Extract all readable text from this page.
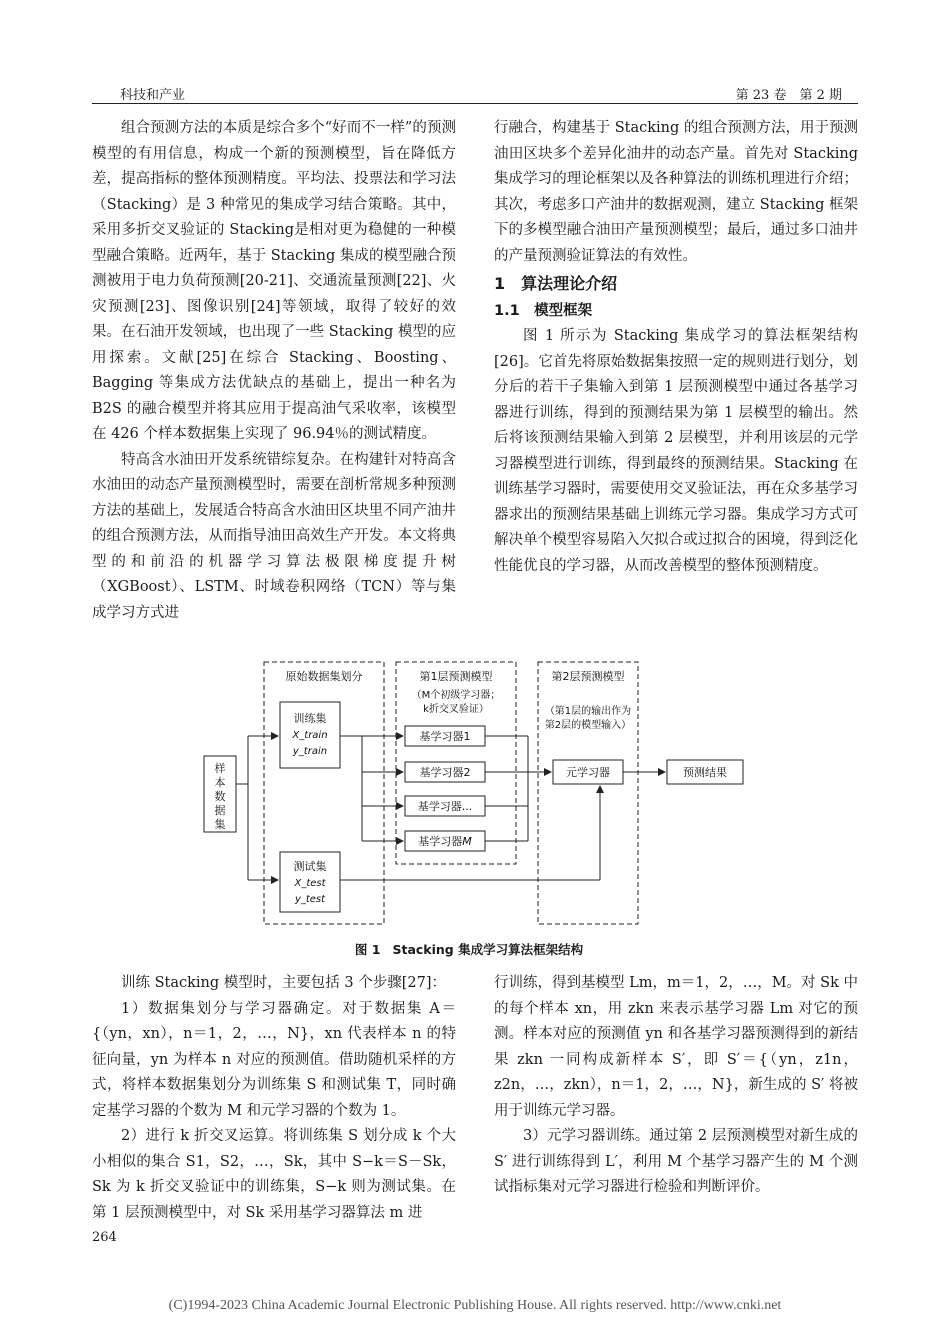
科技和产业	第 23 卷　第 2 期

组合预测方法的本质是综合多个“好而不一样”的预测模型的有用信息，构成一个新的预测模型，旨在降低方差，提高指标的整体预测精度。平均法、投票法和学习法（Stacking）是 3 种常见的集成学习结合策略。其中，采用多折交叉验证的 Stacking是相对更为稳健的一种模型融合策略。近两年，基于 Stacking 集成的模型融合预测被用于电力负荷预测[20-21]、交通流量预测[22]、火灾预测[23]、图像识别[24]等领域，取得了较好的效果。在石油开发领域，也出现了一些 Stacking 模型的应用探索。文献[25]在综合 Stacking、Boosting、Bagging 等集成方法优缺点的基础上，提出一种名为 B2S 的融合模型并将其应用于提高油气采收率，该模型在 426 个样本数据集上实现了 96.94％的测试精度。

特高含水油田开发系统错综复杂。在构建针对特高含水油田的动态产量预测模型时，需要在剖析常规多种预测方法的基础上，发展适合特高含水油田区块里不同产油井的组合预测方法，从而指导油田高效生产开发。本文将典型的和前沿的机器学习算法极限梯度提升树（XGBoost）、LSTM、时域卷积网络（TCN）等与集成学习方式进

行融合，构建基于 Stacking 的组合预测方法，用于预测油田区块多个差异化油井的动态产量。首先对 Stacking 集成学习的理论框架以及各种算法的训练机理进行介绍；其次，考虑多口产油井的数据观测，建立 Stacking 框架下的多模型融合油田产量预测模型；最后，通过多口油井的产量预测验证算法的有效性。

1　算法理论介绍

1.1　模型框架

图 1 所示为 Stacking 集成学习的算法框架结构[26]。它首先将原始数据集按照一定的规则进行划分，划分后的若干子集输入到第 1 层预测模型中通过各基学习器进行训练，得到的预测结果为第 1 层模型的输出。然后将该预测结果输入到第 2 层模型，并利用该层的元学习器模型进行训练，得到最终的预测结果。Stacking 在训练基学习器时，需要使用交叉验证法，再在众多基学习器求出的预测结果基础上训练元学习器。集成学习方式可解决单个模型容易陷入欠拟合或过拟合的困境，得到泛化性能优良的学习器，从而改善模型的整体预测精度。

原始数据集划分	第1层预测模型
（M个初级学习器；
k折交叉验证）
第2层预测模型
（第1层的输出作为
第2层的模型输入）
样
本
数
据
集
训练集
X_train
y_train
测试集
X_test
y_test
基学习器1
基学习器2
基学习器...
基学习器M
元学习器	预测结果
图 1 Stacking 集成学习算法框架结构

训练 Stacking 模型时，主要包括 3 个步骤[27]：

1）数据集划分与学习器确定。对于数据集 A＝{（yn，xn），n＝1，2，…，N}，xn 代表样本 n 的特征向量，yn 为样本 n 对应的预测值。借助随机采样的方式，将样本数据集划分为训练集 S 和测试集 T，同时确定基学习器的个数为 M 和元学习器的个数为 1。

2）进行 k 折交叉运算。将训练集 S 划分成 k 个大小相似的集合 S1，S2，…，Sk，其中 S−k＝S－Sk，Sk 为 k 折交叉验证中的训练集，S−k 则为测试集。在第 1 层预测模型中，对 Sk 采用基学习器算法 m 进

行训练，得到基模型 Lm，m＝1，2，…，M。对 Sk 中的每个样本 xn，用 zkn 来表示基学习器 Lm 对它的预测。样本对应的预测值 yn 和各基学习器预测得到的新结果 zkn 一同构成新样本 S′，即 S′＝{（yn，z1n，z2n，…，zkn），n＝1，2，…，N}，新生成的 S′ 将被用于训练元学习器。

3）元学习器训练。通过第 2 层预测模型对新生成的 S′ 进行训练得到 L′，利用 M 个基学习器产生的 M 个测试指标集对元学习器进行检验和判断评价。

264
(C)1994-2023 China Academic Journal Electronic Publishing House. All rights reserved. http://www.cnki.net
